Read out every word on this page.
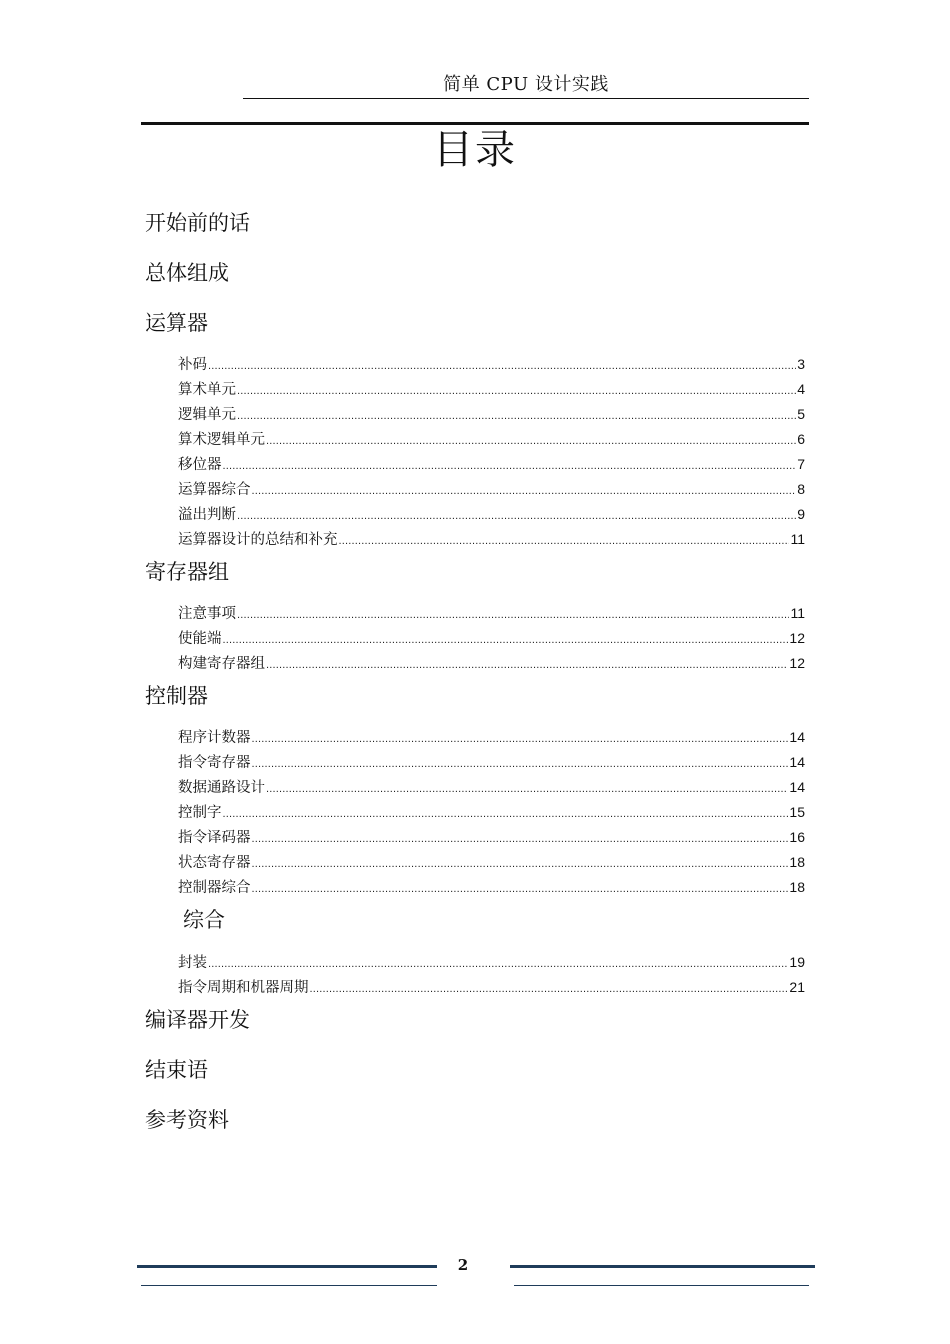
简单 CPU 设计实践
目录
开始前的话
总体组成
运算器
补码 .....	3
算术单元 .....	4
逻辑单元 .....	5
算术逻辑单元 .....	6
移位器 .....	7
运算器综合 .....	8
溢出判断 .....	9
运算器设计的总结和补充 .....	11
寄存器组
注意事项 .....	11
使能端 .....	12
构建寄存器组 .....	12
控制器
程序计数器 .....	14
指令寄存器 .....	14
数据通路设计 .....	14
控制字 .....	15
指令译码器 .....	16
状态寄存器 .....	18
控制器综合 .....	18
综合
封装 .....	19
指令周期和机器周期 .....	21
编译器开发
结束语
参考资料
2
